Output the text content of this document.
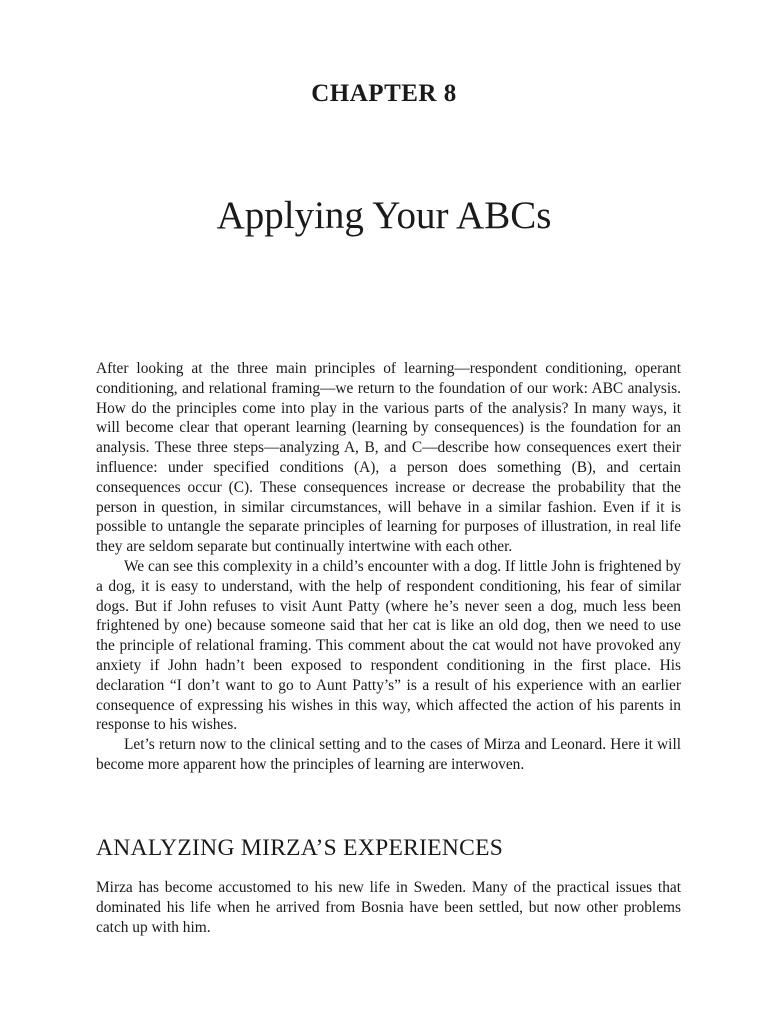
CHAPTER 8
Applying Your ABCs

After looking at the three main principles of learning—respondent conditioning, operant conditioning, and relational framing—we return to the foundation of our work: ABC analysis. How do the principles come into play in the various parts of the analysis? In many ways, it will become clear that operant learning (learning by consequences) is the foundation for an analysis. These three steps—analyzing A, B, and C—describe how consequences exert their influence: under specified conditions (A), a person does something (B), and certain consequences occur (C). These consequences increase or decrease the probability that the person in question, in similar circumstances, will behave in a similar fashion. Even if it is possible to untangle the separate principles of learning for purposes of illustration, in real life they are seldom separate but continually intertwine with each other.

We can see this complexity in a child’s encounter with a dog. If little John is frightened by a dog, it is easy to understand, with the help of respondent conditioning, his fear of similar dogs. But if John refuses to visit Aunt Patty (where he’s never seen a dog, much less been frightened by one) because someone said that her cat is like an old dog, then we need to use the principle of relational framing. This comment about the cat would not have provoked any anxiety if John hadn’t been exposed to respondent conditioning in the first place. His declaration “I don’t want to go to Aunt Patty’s” is a result of his experience with an earlier consequence of expressing his wishes in this way, which affected the action of his parents in response to his wishes.

Let’s return now to the clinical setting and to the cases of Mirza and Leonard. Here it will become more apparent how the principles of learning are interwoven.

ANALYZING MIRZA’S EXPERIENCES

Mirza has become accustomed to his new life in Sweden. Many of the practical issues that dominated his life when he arrived from Bosnia have been settled, but now other problems catch up with him.
